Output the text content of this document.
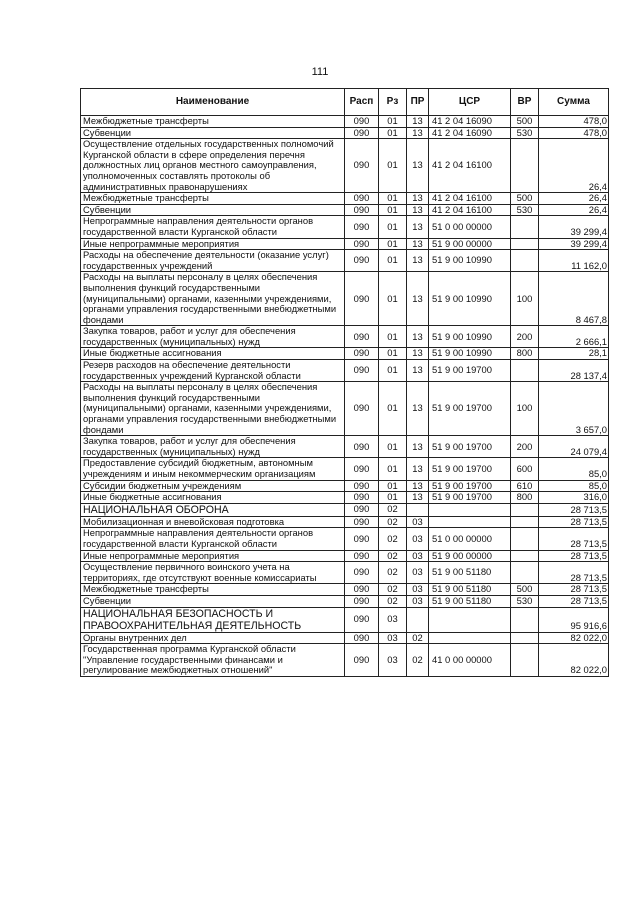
111
Наименование	Расп	Рз	ПР	ЦСР	ВР	Сумма
Межбюджетные трансферты	090	01	13	41 2 04 16090	500	478,0
Субвенции	090	01	13	41 2 04 16090	530	478,0
Осуществление отдельных государственных полномочий Курганской области в сфере определения перечня должностных лиц органов местного самоуправления, уполномоченных составлять протоколы об административных правонарушениях	090	01	13	41 2 04 16100		26,4
Межбюджетные трансферты	090	01	13	41 2 04 16100	500	26,4
Субвенции	090	01	13	41 2 04 16100	530	26,4
Непрограммные направления деятельности органов государственной власти Курганской области	090	01	13	51 0 00 00000		39 299,4
Иные непрограммные мероприятия	090	01	13	51 9 00 00000		39 299,4
Расходы на обеспечение деятельности (оказание услуг) государственных учреждений	090	01	13	51 9 00 10990		11 162,0
Расходы на выплаты персоналу в целях обеспечения выполнения функций государственными (муниципальными) органами, казенными учреждениями, органами управления государственными внебюджетными фондами	090	01	13	51 9 00 10990	100	8 467,8
Закупка товаров, работ и услуг для обеспечения государственных (муниципальных) нужд	090	01	13	51 9 00 10990	200	2 666,1
Иные бюджетные ассигнования	090	01	13	51 9 00 10990	800	28,1
Резерв расходов на обеспечение деятельности государственных учреждений Курганской области	090	01	13	51 9 00 19700		28 137,4
Расходы на выплаты персоналу в целях обеспечения выполнения функций государственными (муниципальными) органами, казенными учреждениями, органами управления государственными внебюджетными фондами	090	01	13	51 9 00 19700	100	3 657,0
Закупка товаров, работ и услуг для обеспечения государственных (муниципальных) нужд	090	01	13	51 9 00 19700	200	24 079,4
Предоставление субсидий бюджетным, автономным учреждениям и иным некоммерческим организациям	090	01	13	51 9 00 19700	600	85,0
Субсидии бюджетным учреждениям	090	01	13	51 9 00 19700	610	85,0
Иные бюджетные ассигнования	090	01	13	51 9 00 19700	800	316,0
НАЦИОНАЛЬНАЯ ОБОРОНА	090	02				28 713,5
Мобилизационная и вневойсковая подготовка	090	02	03			28 713,5
Непрограммные направления деятельности органов государственной власти Курганской области	090	02	03	51 0 00 00000		28 713,5
Иные непрограммные мероприятия	090	02	03	51 9 00 00000		28 713,5
Осуществление первичного воинского учета на территориях, где отсутствуют военные комиссариаты	090	02	03	51 9 00 51180		28 713,5
Межбюджетные трансферты	090	02	03	51 9 00 51180	500	28 713,5
Субвенции	090	02	03	51 9 00 51180	530	28 713,5
НАЦИОНАЛЬНАЯ БЕЗОПАСНОСТЬ И ПРАВООХРАНИТЕЛЬНАЯ ДЕЯТЕЛЬНОСТЬ	090	03				95 916,6
Органы внутренних дел	090	03	02			82 022,0
Государственная программа Курганской области "Управление государственными финансами и регулирование межбюджетных отношений"	090	03	02	41 0 00 00000		82 022,0
